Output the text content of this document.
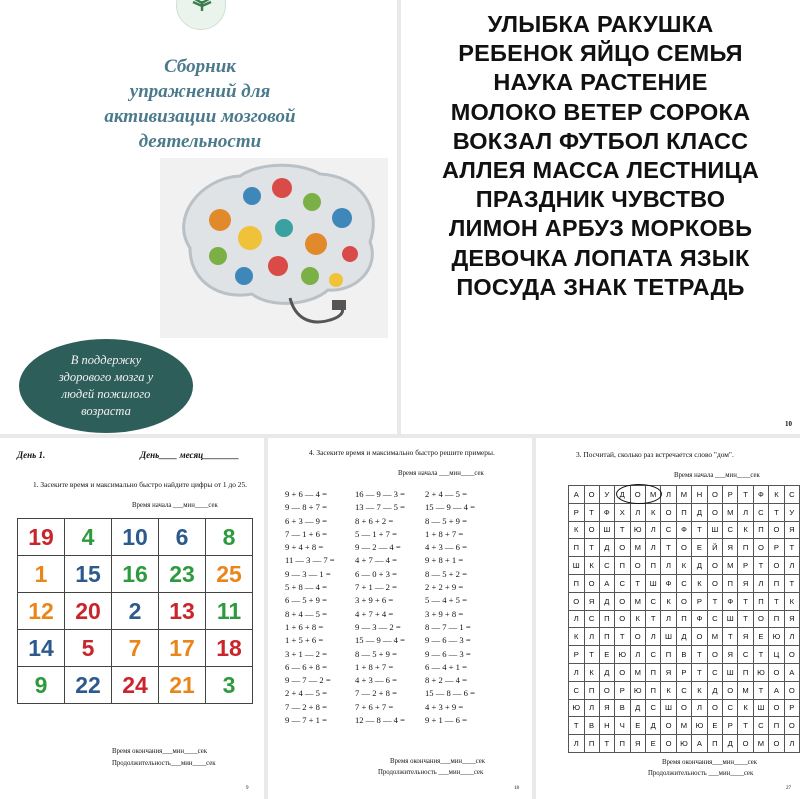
Сборник
упражнений для
активизации мозговой
деятельности
В поддержку
здорового мозга у
людей пожилого
возраста
УЛЫБКА РАКУШКА
РЕБЕНОК ЯЙЦО СЕМЬЯ
НАУКА РАСТЕНИЕ
МОЛОКО ВЕТЕР СОРОКА
ВОКЗАЛ ФУТБОЛ КЛАСС
АЛЛЕЯ МАССА ЛЕСТНИЦА
ПРАЗДНИК ЧУВСТВО
ЛИМОН АРБУЗ МОРКОВЬ
ДЕВОЧКА ЛОПАТА ЯЗЫК
ПОСУДА ЗНАК ТЕТРАДЬ
10
День 1.	День____ месяц________
1. Засеките время и максимально быстро найдите цифры от 1 до 25.
Время начала ___мин____сек
19	4	10	6	8
1	15	16	23	25
12	20	2	13	11
14	5	7	17	18
9	22	24	21	3
Время окончания___мин____сек
Продолжительность___мин____сек
9
4. Засеките время и максимально быстро решите примеры.
Время начала ___мин____сек
9 + 6 — 4 =	16 — 9 — 3 =	2 + 4 — 5 =
9 — 8 + 7 =	13 — 7 — 5 =	15 — 9 — 4 =
6 + 3 — 9 =	8 + 6 + 2 =	8 — 5 + 9 =
7 — 1 + 6 =	5 — 1 + 7 =	1 + 8 + 7 =
9 + 4 + 8 =	9 — 2 — 4 =	4 + 3 — 6 =
11 — 3 — 7 =	4 + 7 — 4 =	9 + 8 + 1 =
9 — 3 — 1 =	6 — 0 + 3 =	8 — 5 + 2 =
5 + 8 — 4 =	7 + 1 — 2 =	2 + 2 + 9 =
6 — 5 + 9 =	3 + 9 + 6 =	5 — 4 + 5 =
8 + 4 — 5 =	4 + 7 + 4 =	3 + 9 + 8 =
1 + 6 + 8 =	9 — 3 — 2 =	8 — 7 — 1 =
1 + 5 + 6 =	15 — 9 — 4 =	9 — 6 — 3 =
3 + 1 — 2 =	8 — 5 + 9 =	9 — 6 — 3 =
6 — 6 + 8 =	1 + 8 + 7 =	6 — 4 + 1 =
9 — 7 — 2 =	4 + 3 — 6 =	8 + 2 — 4 =
2 + 4 — 5 =	7 — 2 + 8 =	15 — 8 — 6 =
7 — 2 + 8 =	7 + 6 + 7 =	4 + 3 + 9 =
9 — 7 + 1 =	12 — 8 — 4 =	9 + 1 — 6 =
Время окончания___мин____сек
Продолжительность ___мин____сек
18
3. Посчитай, сколько раз встречается слово "дом".
Время начала ___мин____сек
А	О	У	Д	О	М	Л	М	Н	О	Р	Т	Ф	К	С
Р	Т	Ф	Х	Л	К	О	П	Д	О	М	Л	С	Т	У
К	О	Ш	Т	Ю	Л	С	Ф	Т	Ш	С	К	П	О	Я
П	Т	Д	О	М	Л	Т	О	Е	Й	Я	П	О	Р	Т
Ш	К	С	П	О	П	Л	К	Д	О	М	Р	Т	О	Л
П	О	А	С	Т	Ш	Ф	С	К	О	П	Я	Л	П	Т
О	Я	Д	О	М	С	К	О	Р	Т	Ф	Т	П	Т	К
Л	С	П	О	К	Т	Л	П	Ф	С	Ш	Т	О	П	Я
К	Л	П	Т	О	Л	Ш	Д	О	М	Т	Я	Е	Ю	Л
Р	Т	Е	Ю	Л	С	П	В	Т	О	Я	С	Т	Ц	О
Л	К	Д	О	М	П	Я	Р	Т	С	Ш	П	Ю	О	А
С	П	О	Р	Ю	П	К	С	К	Д	О	М	Т	А	О
Ю	Л	Я	В	Д	С	Ш	О	Л	О	С	К	Ш	О	Р
Т	В	Н	Ч	Е	Д	О	М	Ю	Е	Р	Т	С	П	О
Л	П	Т	П	Я	Е	О	Ю	А	П	Д	О	М	О	Л
Время окончания___мин____сек
Продолжительность ___мин____сек
27
